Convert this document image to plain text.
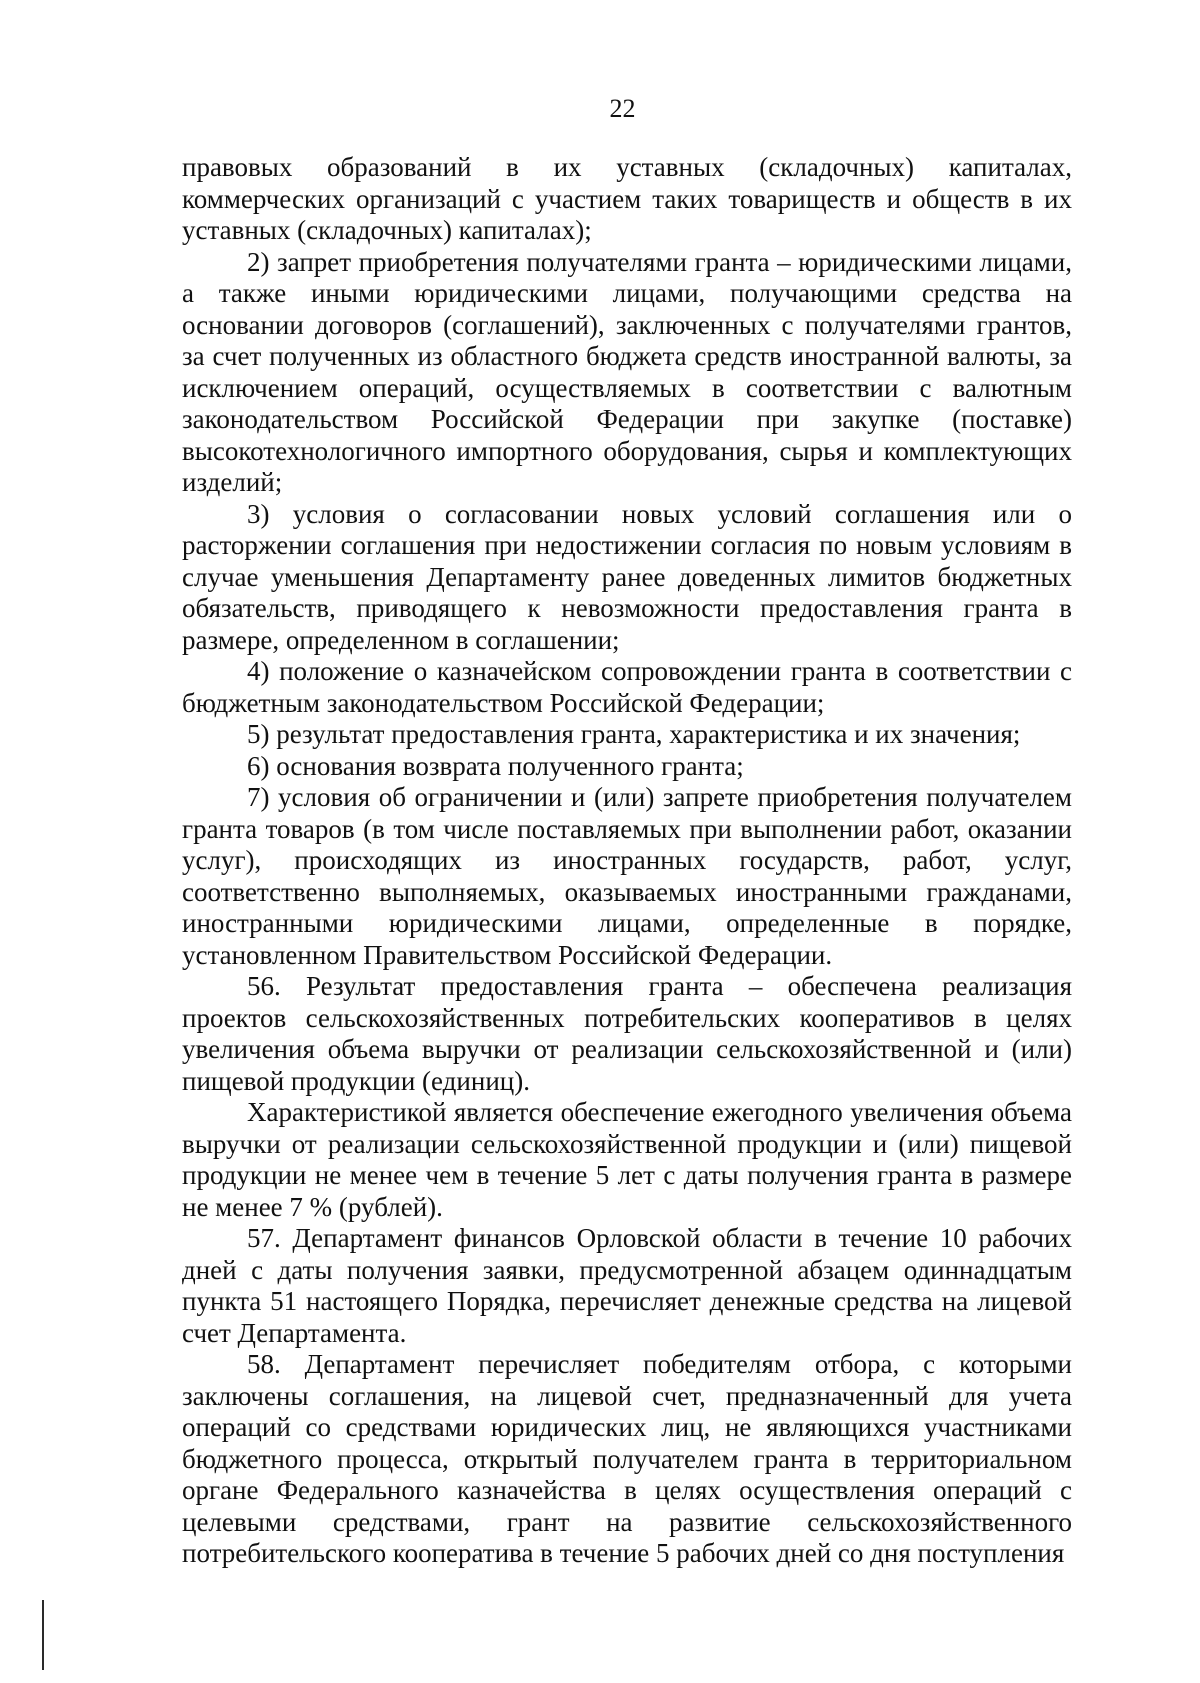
22

правовых образований в их уставных (складочных) капиталах, коммерческих организаций с участием таких товариществ и обществ в их уставных (складочных) капиталах);

2) запрет приобретения получателями гранта – юридическими лицами, а также иными юридическими лицами, получающими средства на основании договоров (соглашений), заключенных с получателями грантов, за счет полученных из областного бюджета средств иностранной валюты, за исключением операций, осуществляемых в соответствии с валютным законодательством Российской Федерации при закупке (поставке) высокотехнологичного импортного оборудования, сырья и комплектующих изделий;

3) условия о согласовании новых условий соглашения или о расторжении соглашения при недостижении согласия по новым условиям в случае уменьшения Департаменту ранее доведенных лимитов бюджетных обязательств, приводящего к невозможности предоставления гранта в размере, определенном в соглашении;

4) положение о казначейском сопровождении гранта в соответствии с бюджетным законодательством Российской Федерации;

5) результат предоставления гранта, характеристика и их значения;

6) основания возврата полученного гранта;

7) условия об ограничении и (или) запрете приобретения получателем гранта товаров (в том числе поставляемых при выполнении работ, оказании услуг), происходящих из иностранных государств, работ, услуг, соответственно выполняемых, оказываемых иностранными гражданами, иностранными юридическими лицами, определенные в порядке, установленном Правительством Российской Федерации.

56. Результат предоставления гранта – обеспечена реализация проектов сельскохозяйственных потребительских кооперативов в целях увеличения объема выручки от реализации сельскохозяйственной и (или) пищевой продукции (единиц).

Характеристикой является обеспечение ежегодного увеличения объема выручки от реализации сельскохозяйственной продукции и (или) пищевой продукции не менее чем в течение 5 лет с даты получения гранта в размере не менее 7 % (рублей).

57. Департамент финансов Орловской области в течение 10 рабочих дней с даты получения заявки, предусмотренной абзацем одиннадцатым пункта 51 настоящего Порядка, перечисляет денежные средства на лицевой счет Департамента.

58. Департамент перечисляет победителям отбора, с которыми заключены соглашения, на лицевой счет, предназначенный для учета операций со средствами юридических лиц, не являющихся участниками бюджетного процесса, открытый получателем гранта в территориальном органе Федерального казначейства в целях осуществления операций с целевыми средствами, грант на развитие сельскохозяйственного потребительского кооператива в течение 5 рабочих дней со дня поступления
